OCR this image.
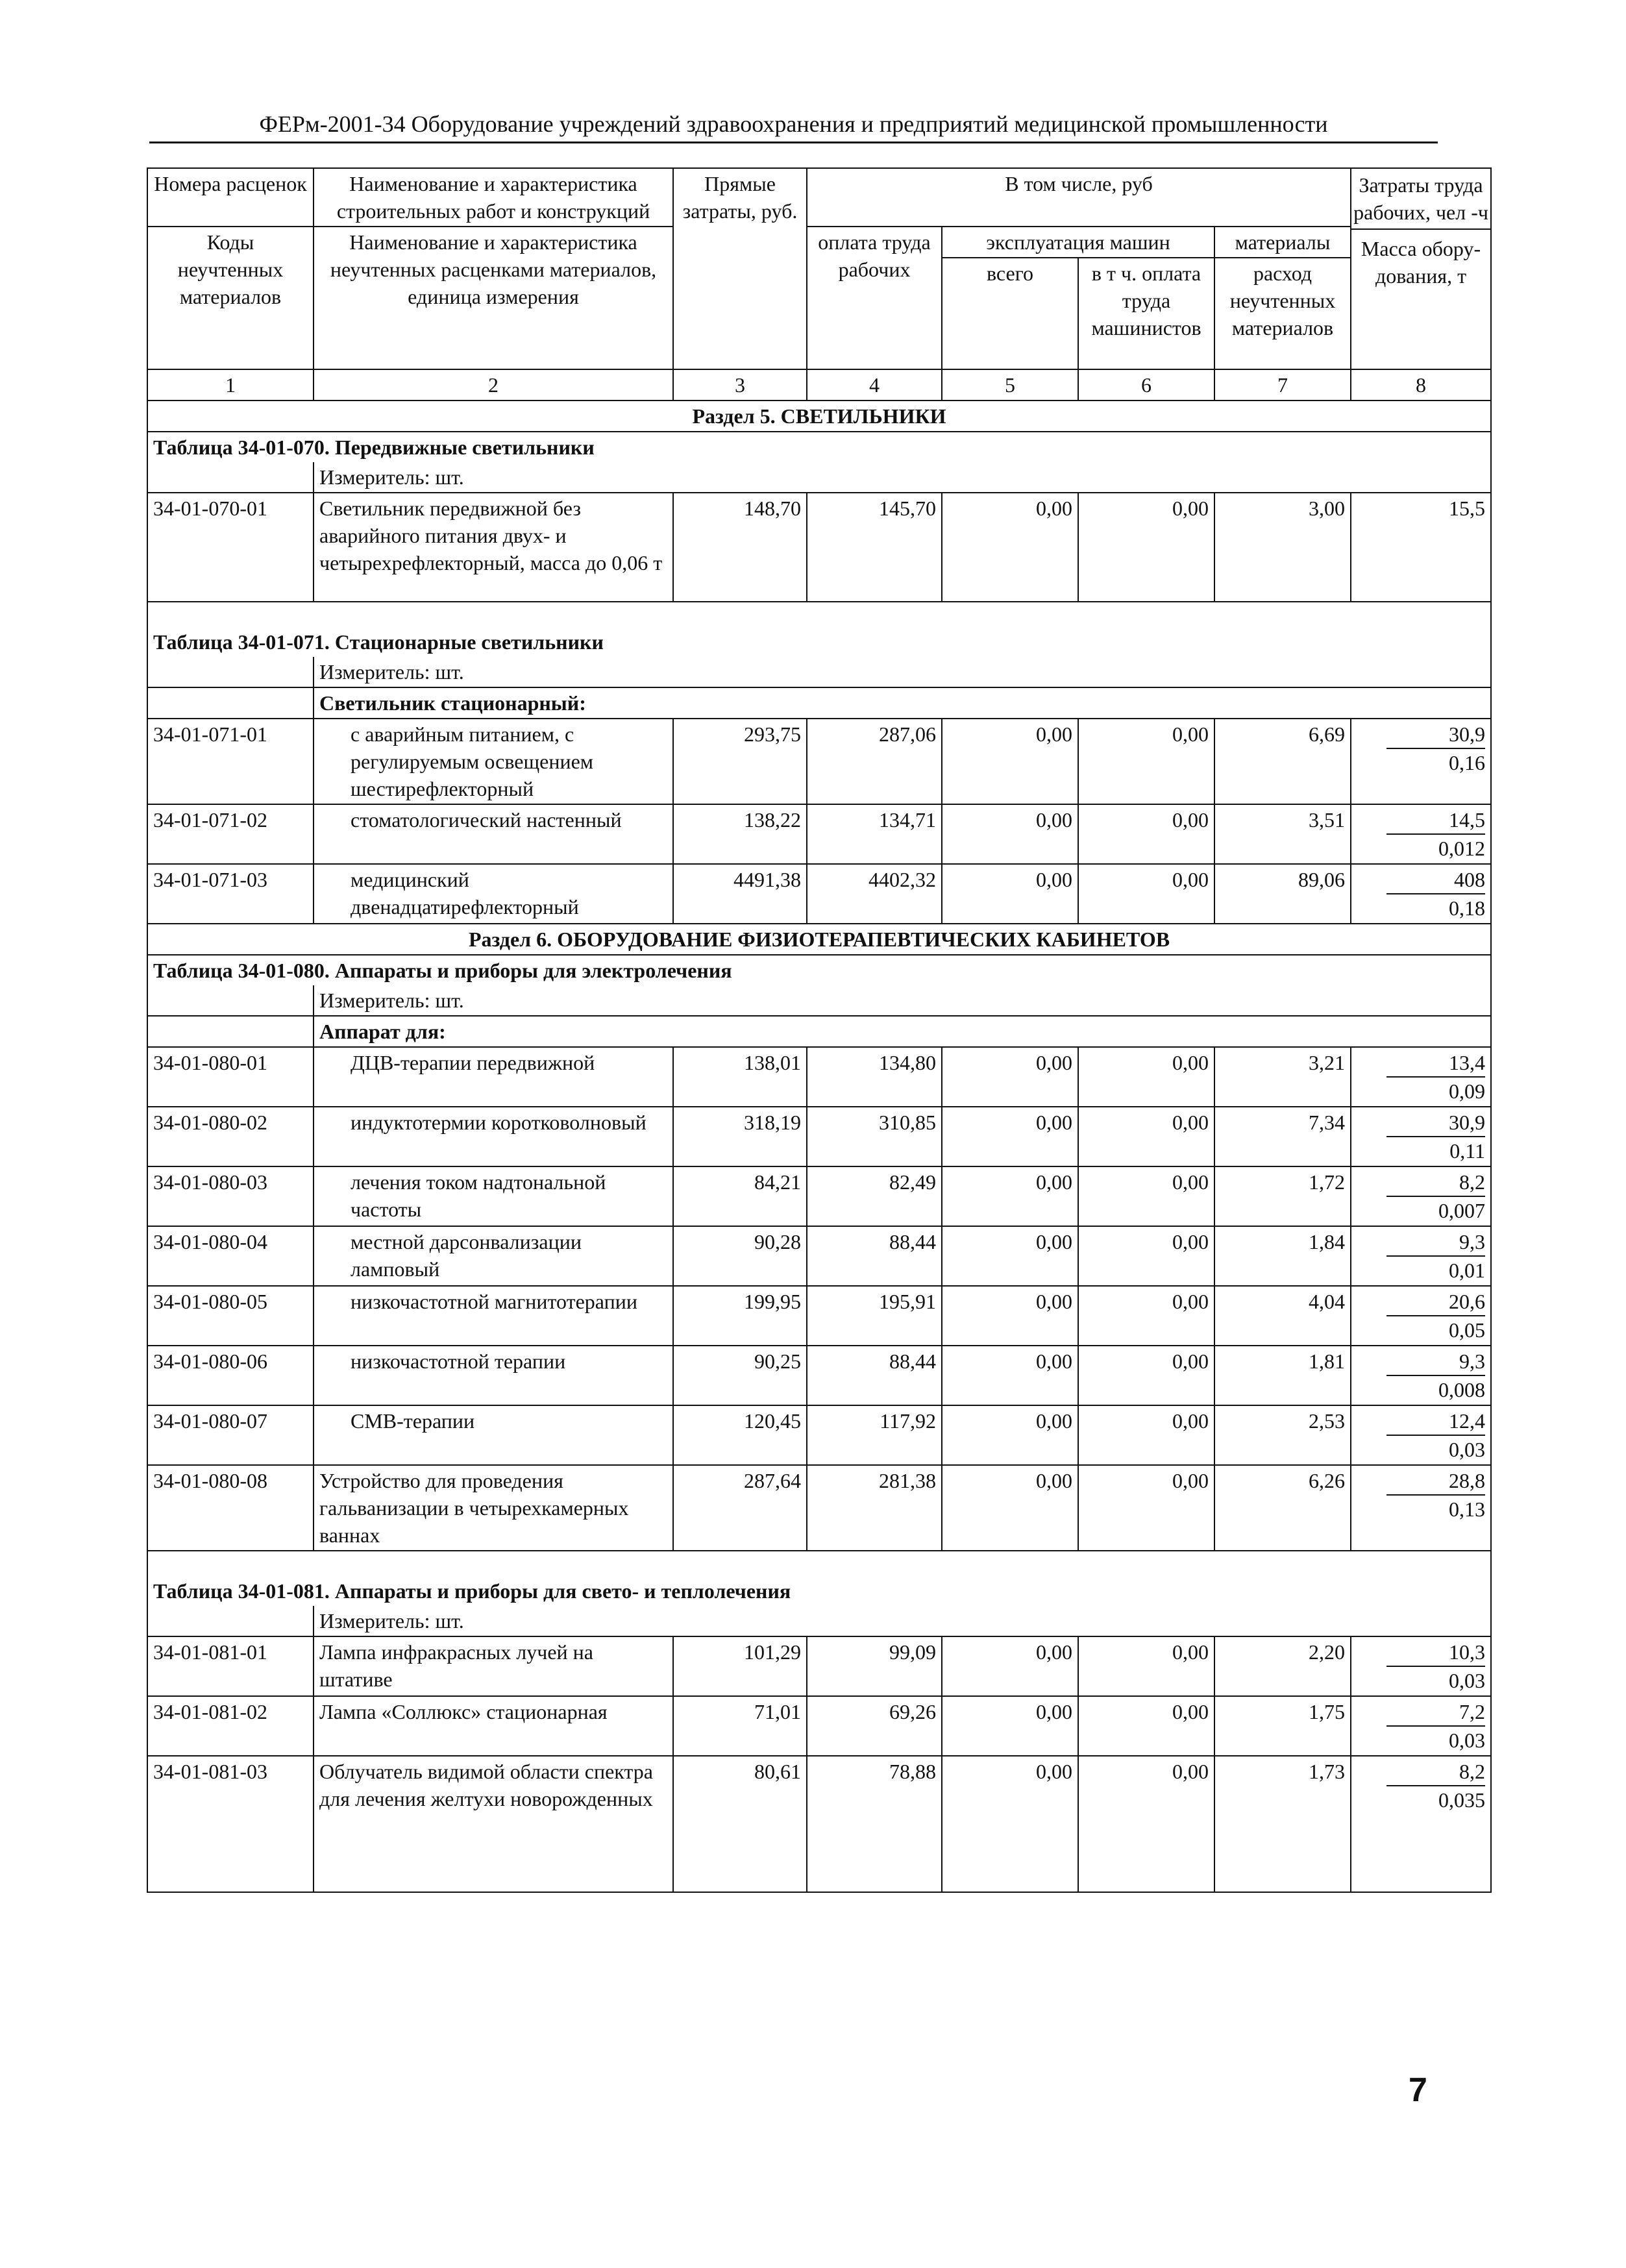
ФЕРм-2001-34 Оборудование учреждений здравоохранения и предприятий медицинской промышленности
Номера расценок	Наименование и характеристика строительных работ и конструкций	Прямые затраты, руб.	В том числе, руб				Затраты труда рабочих, чел -ч
Масса обору-дования, т

Коды неучтенных материалов	Наименование и характеристика неучтенных расценками материалов, единица измерения		оплата труда рабочих	эксплуатация машин		материалы	
				всего	в т ч. оплата труда машинистов	расход неучтенных материалов	
1	2	3	4	5	6	7	8
Раздел 5. СВЕТИЛЬНИКИ							
Таблица 34-01-070. Передвижные светильники							
	Измеритель: шт.						
34-01-070-01	Светильник передвижной без аварийного питания двух- и четырехрефлекторный, масса до 0,06 т	148,70	145,70	0,00	0,00	3,00	15,5
Таблица 34-01-071. Стационарные светильники							
	Измеритель: шт.						
	Светильник стационарный:						
34-01-071-01	с аварийным питанием, с регулируемым освещением шестирефлекторный	293,75	287,06	0,00	0,00	6,69	30,9
0,16

34-01-071-02	стоматологический настенный	138,22	134,71	0,00	0,00	3,51	14,5
0,012

34-01-071-03	медицинский двенадцатирефлекторный	4491,38	4402,32	0,00	0,00	89,06	408
0,18

Раздел 6. ОБОРУДОВАНИЕ ФИЗИОТЕРАПЕВТИЧЕСКИХ КАБИНЕТОВ							
Таблица 34-01-080. Аппараты и приборы для электролечения							
	Измеритель: шт.						
	Аппарат для:						
34-01-080-01	ДЦВ-терапии передвижной	138,01	134,80	0,00	0,00	3,21	13,4
0,09

34-01-080-02	индуктотермии коротковолновый	318,19	310,85	0,00	0,00	7,34	30,9
0,11

34-01-080-03	лечения током надтональной частоты	84,21	82,49	0,00	0,00	1,72	8,2
0,007

34-01-080-04	местной дарсонвализации ламповый	90,28	88,44	0,00	0,00	1,84	9,3
0,01

34-01-080-05	низкочастотной магнитотерапии	199,95	195,91	0,00	0,00	4,04	20,6
0,05

34-01-080-06	низкочастотной терапии	90,25	88,44	0,00	0,00	1,81	9,3
0,008

34-01-080-07	СМВ-терапии	120,45	117,92	0,00	0,00	2,53	12,4
0,03

34-01-080-08	Устройство для проведения гальванизации в четырехкамерных ваннах	287,64	281,38	0,00	0,00	6,26	28,8
0,13

Таблица 34-01-081. Аппараты и приборы для свето- и теплолечения							
	Измеритель: шт.						
34-01-081-01	Лампа инфракрасных лучей на штативе	101,29	99,09	0,00	0,00	2,20	10,3
0,03

34-01-081-02	Лампа «Соллюкс» стационарная	71,01	69,26	0,00	0,00	1,75	7,2
0,03

34-01-081-03	Облучатель видимой области спектра для лечения желтухи новорожденных	80,61	78,88	0,00	0,00	1,73	8,2
0,035
7
